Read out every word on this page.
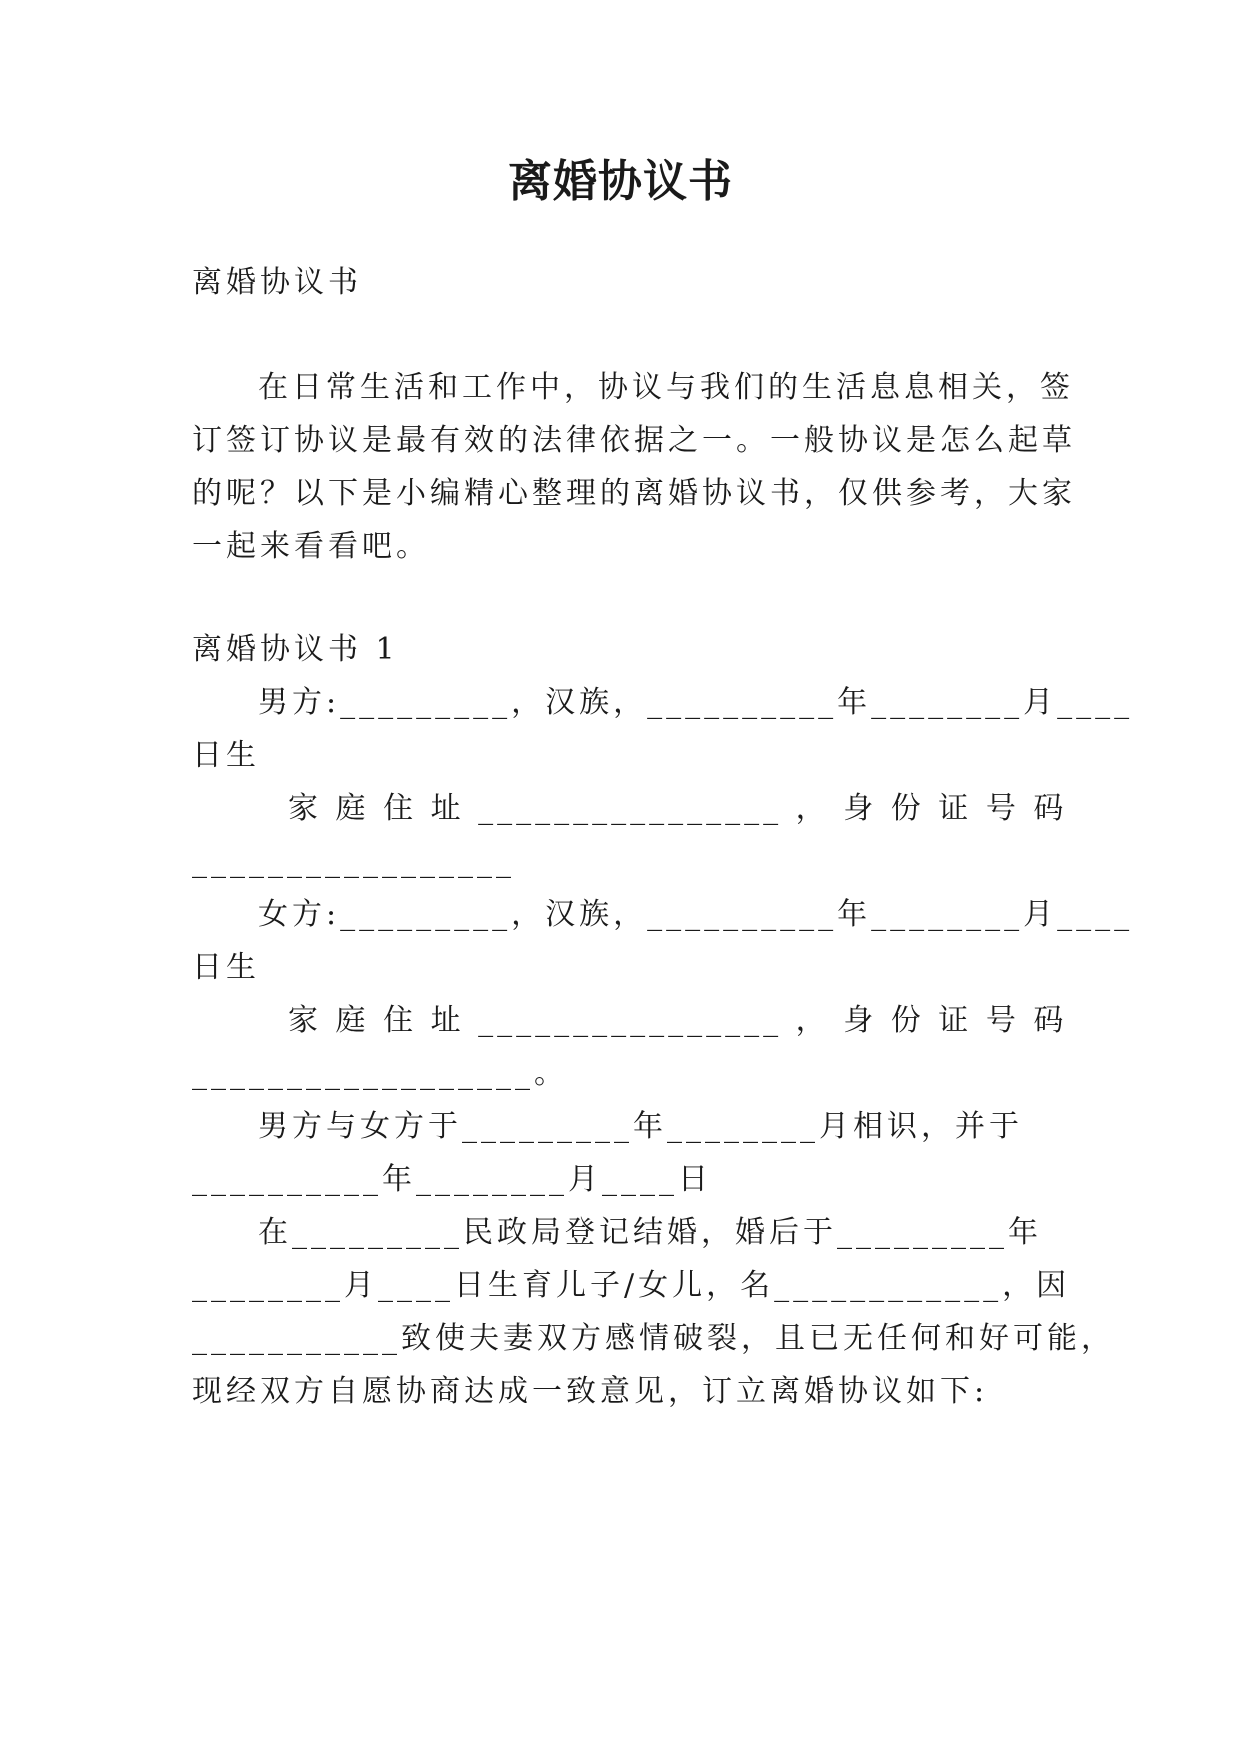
离婚协议书
离婚协议书
在日常生活和工作中，协议与我们的生活息息相关，签
订签订协议是最有效的法律依据之一。一般协议是怎么起草
的呢？以下是小编精心整理的离婚协议书，仅供参考，大家
一起来看看吧。
离婚协议书 1
男方:_________，汉族，__________年________月____
日生
家 庭 住 址 ________________ ， 身 份 证 号 码
_________________
女方:_________，汉族，__________年________月____
日生
家 庭 住 址 ________________ ， 身 份 证 号 码
__________________。
男方与女方于_________年________月相识，并于
__________年________月____日
在_________民政局登记结婚，婚后于_________年
________月____日生育儿子/女儿，名____________，因
___________致使夫妻双方感情破裂，且已无任何和好可能，
现经双方自愿协商达成一致意见，订立离婚协议如下:
